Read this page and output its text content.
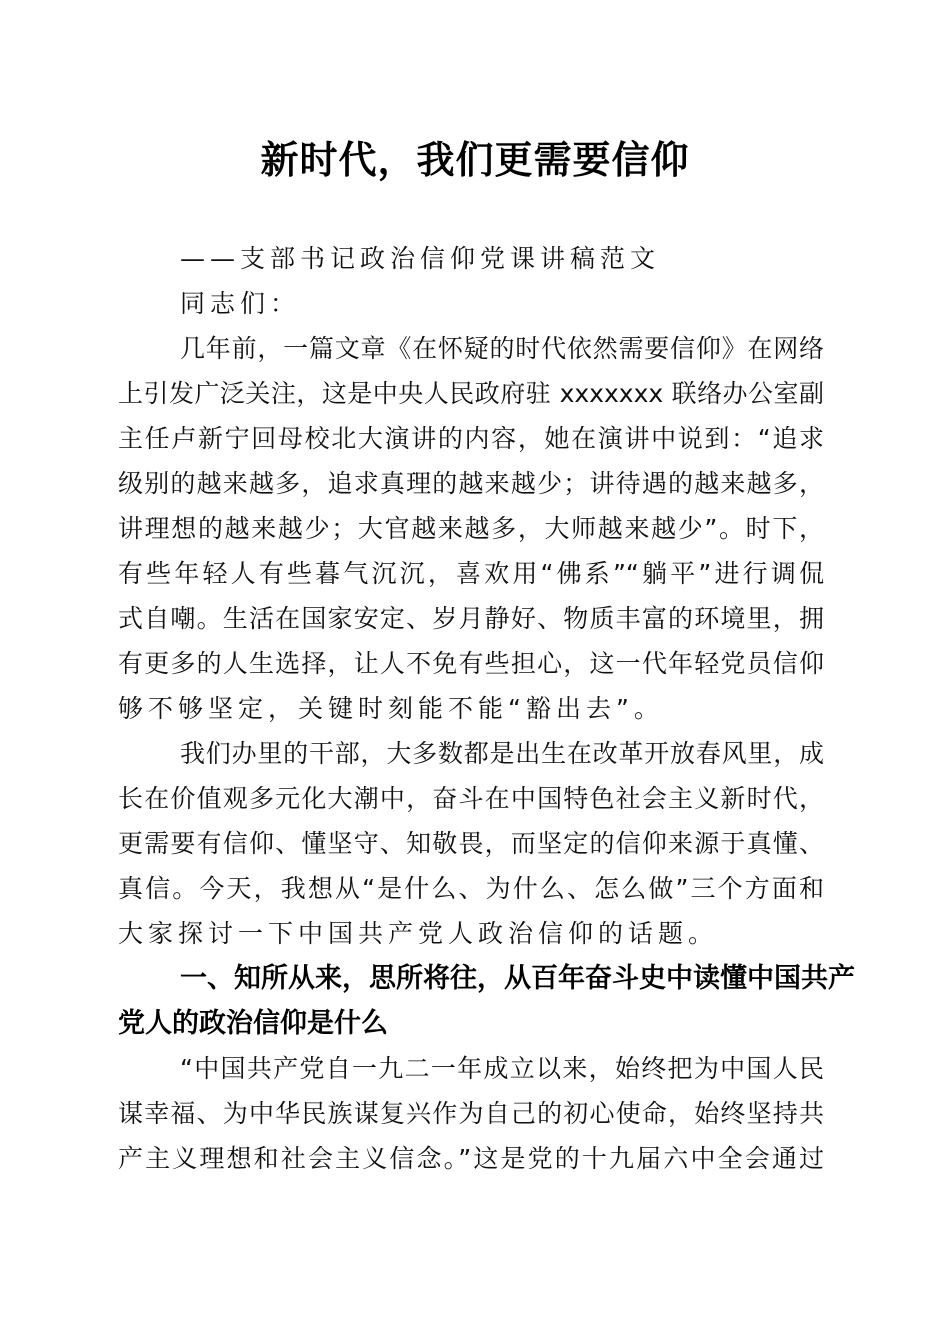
新时代，我们更需要信仰
——支部书记政治信仰党课讲稿范文
同志们：
几年前，一篇文章《在怀疑的时代依然需要信仰》在网络
上引发广泛关注，这是中央人民政府驻 xxxxxxx 联络办公室副
主任卢新宁回母校北大演讲的内容，她在演讲中说到：“追求
级别的越来越多，追求真理的越来越少；讲待遇的越来越多，
讲理想的越来越少；大官越来越多，大师越来越少”。时下，
有些年轻人有些暮气沉沉，喜欢用“佛系”“躺平”进行调侃
式自嘲。生活在国家安定、岁月静好、物质丰富的环境里，拥
有更多的人生选择，让人不免有些担心，这一代年轻党员信仰
够不够坚定，关键时刻能不能“豁出去”。
我们办里的干部，大多数都是出生在改革开放春风里，成
长在价值观多元化大潮中，奋斗在中国特色社会主义新时代，
更需要有信仰、懂坚守、知敬畏，而坚定的信仰来源于真懂、
真信。今天，我想从“是什么、为什么、怎么做”三个方面和
大家探讨一下中国共产党人政治信仰的话题。
一、知所从来，思所将往，从百年奋斗史中读懂中国共产
党人的政治信仰是什么
“中国共产党自一九二一年成立以来，始终把为中国人民
谋幸福、为中华民族谋复兴作为自己的初心使命，始终坚持共
产主义理想和社会主义信念。”这是党的十九届六中全会通过
